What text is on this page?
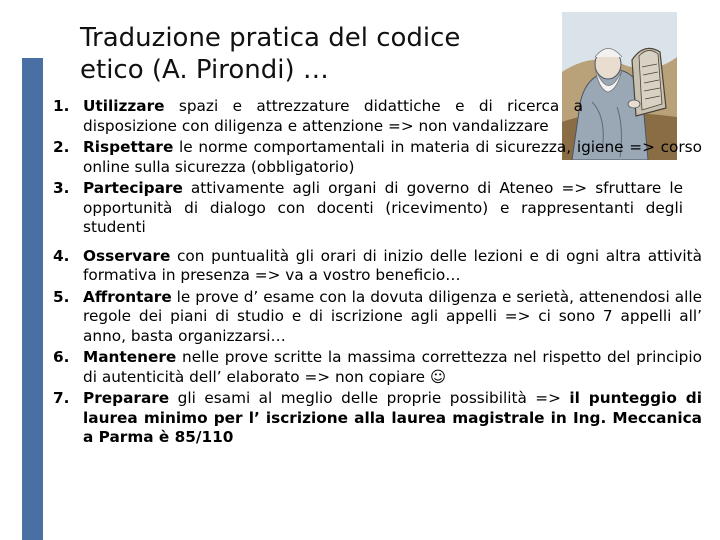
Traduzione pratica del codice
etico (A. Pirondi) …
1. Utilizzare spazi e attrezzature didattiche e di ricerca a disposizione con diligenza e attenzione => non vandalizzare
2. Rispettare le norme comportamentali in materia di sicurezza, igiene => corso online sulla sicurezza (obbligatorio)
3. Partecipare attivamente agli organi di governo di Ateneo => sfruttare le opportunità di dialogo con docenti (ricevimento) e rappresentanti degli studenti
4. Osservare con puntualità gli orari di inizio delle lezioni e di ogni altra attività formativa in presenza => va a vostro beneficio…
5. Affrontare le prove d’ esame con la dovuta diligenza e serietà, attenendosi alle regole dei piani di studio e di iscrizione agli appelli => ci sono 7 appelli all’ anno, basta organizzarsi…
6. Mantenere nelle prove scritte la massima correttezza nel rispetto del principio di autenticità dell’ elaborato => non copiare ☺
7. Preparare gli esami al meglio delle proprie possibilità => il punteggio di laurea minimo per l’ iscrizione alla laurea magistrale in Ing. Meccanica a Parma è 85/110
